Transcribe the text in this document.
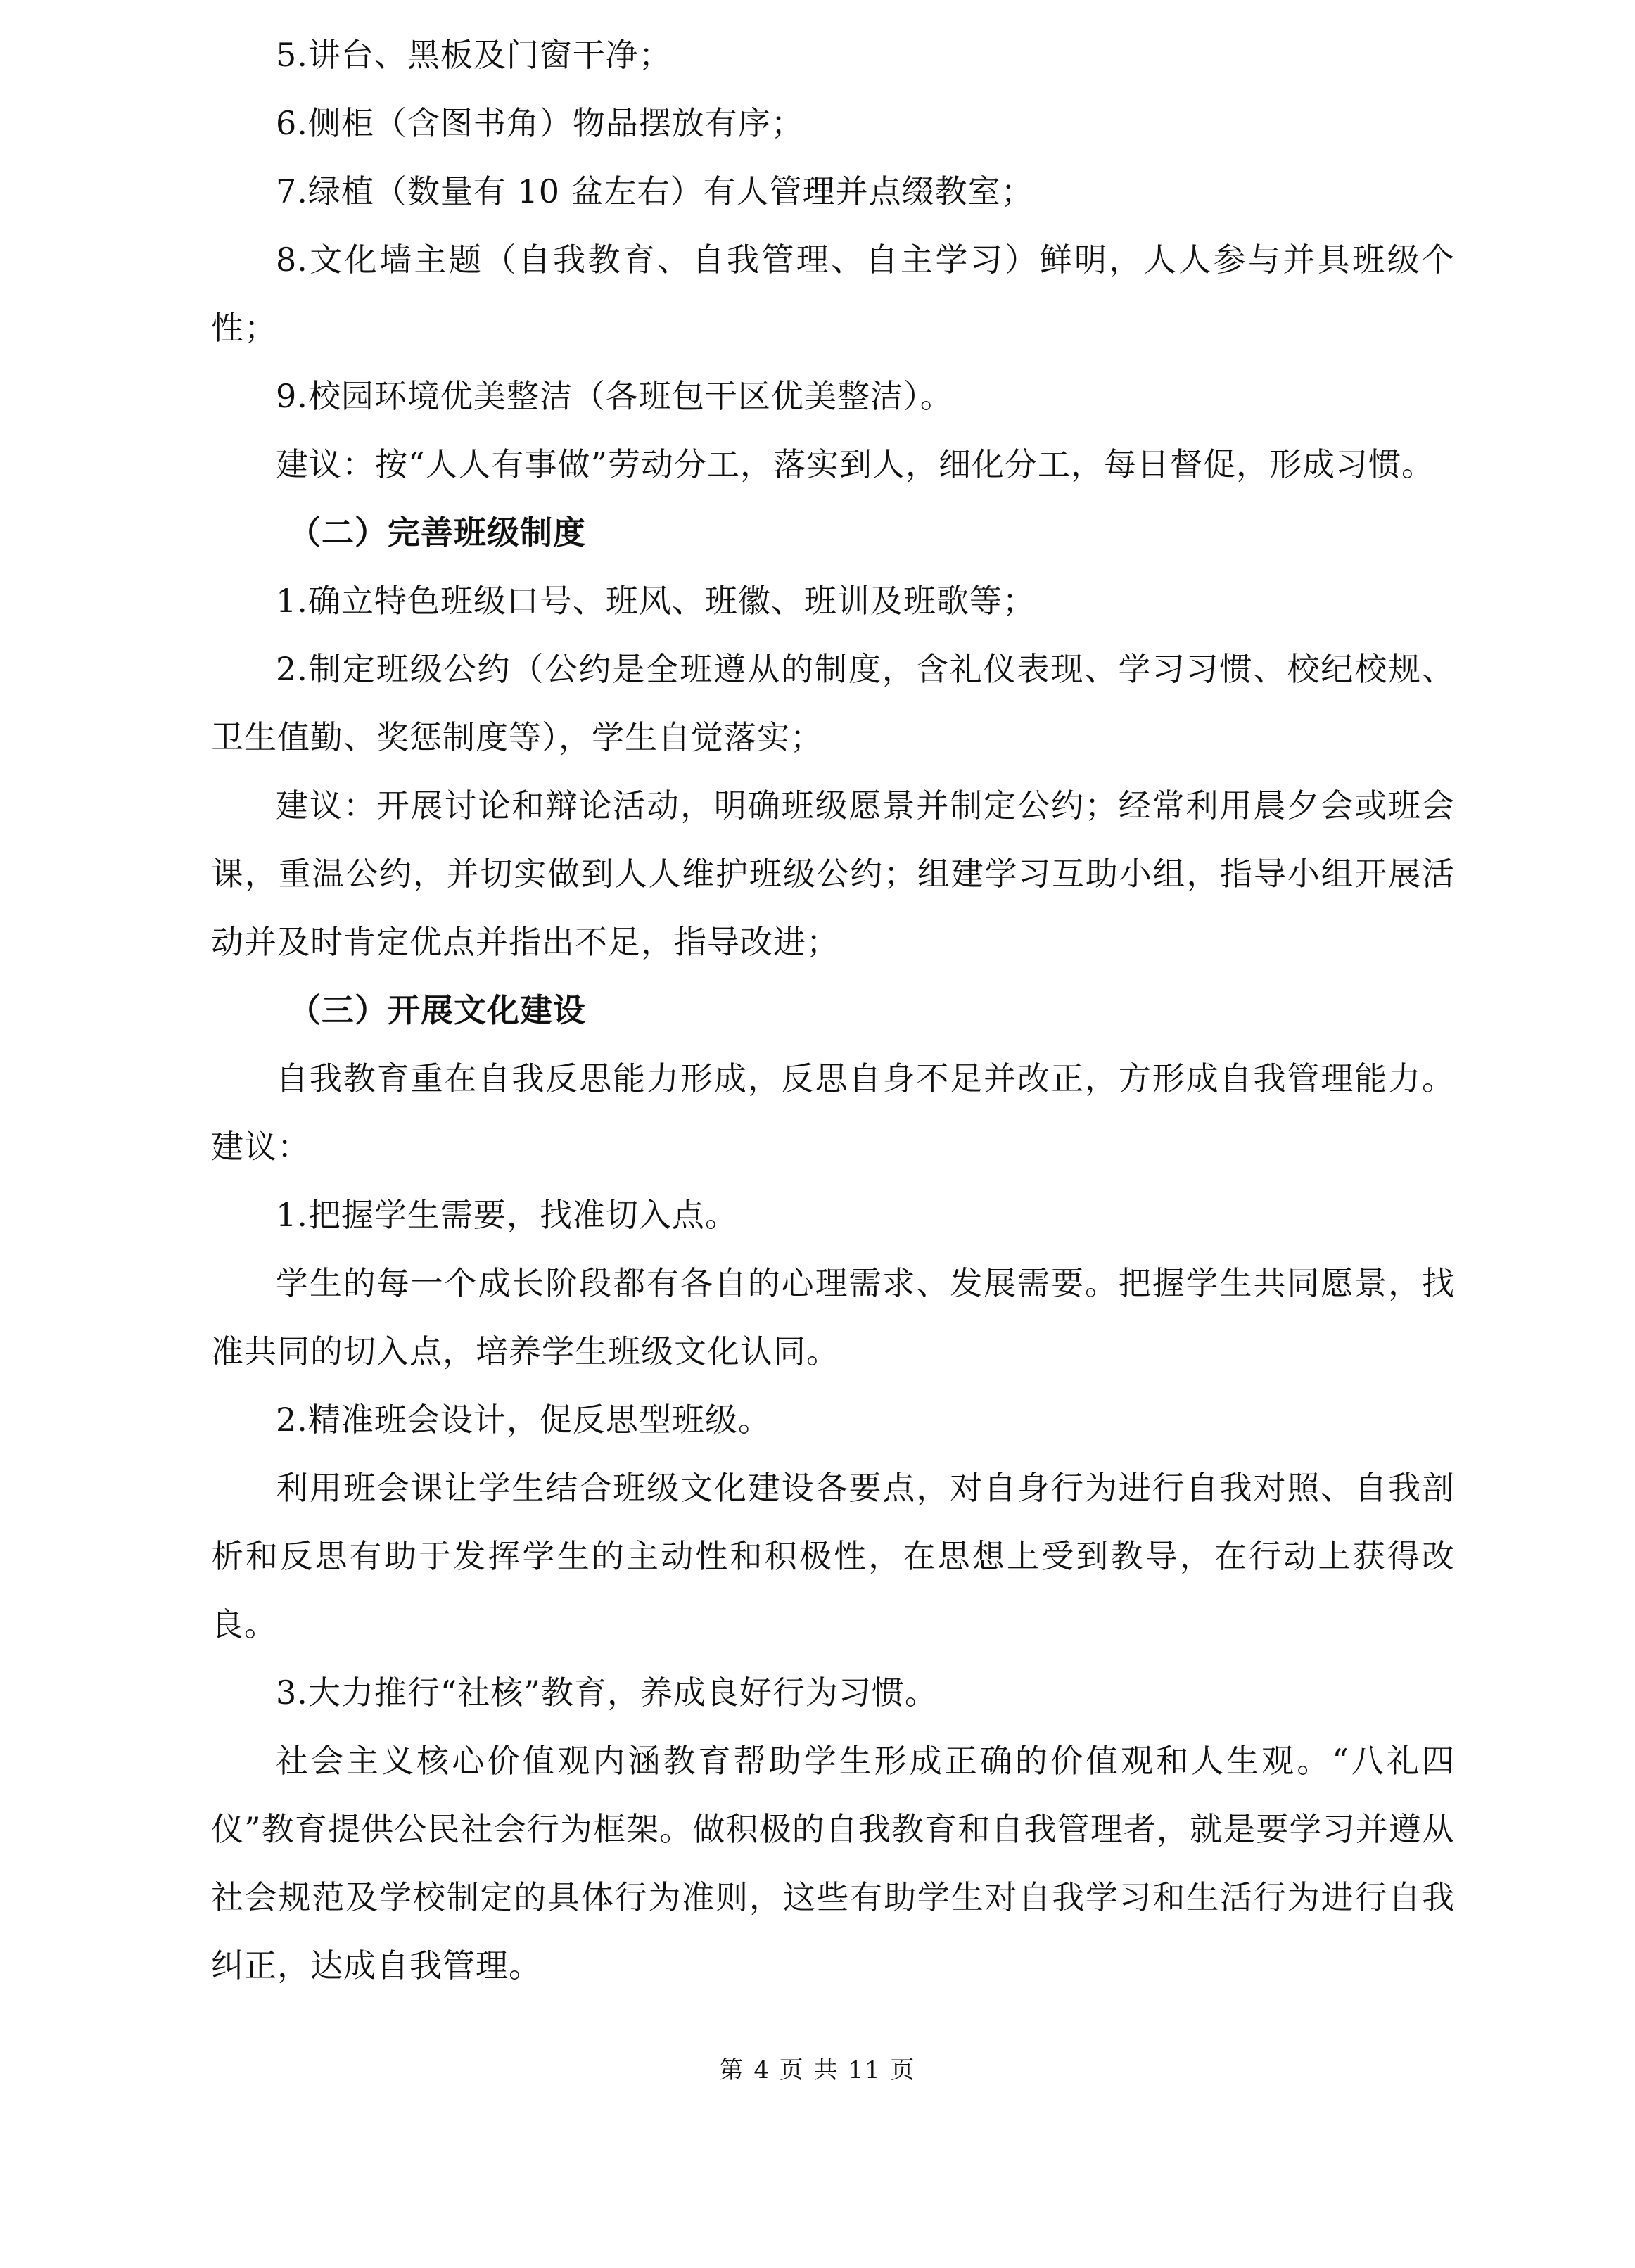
5.讲台、黑板及门窗干净；

6.侧柜（含图书角）物品摆放有序；

7.绿植（数量有 10 盆左右）有人管理并点缀教室；

8.文化墙主题（自我教育、自我管理、自主学习）鲜明，人人参与并具班级个性；

9.校园环境优美整洁（各班包干区优美整洁）。

建议：按“人人有事做”劳动分工，落实到人，细化分工，每日督促，形成习惯。

（二）完善班级制度

1.确立特色班级口号、班风、班徽、班训及班歌等；

2.制定班级公约（公约是全班遵从的制度，含礼仪表现、学习习惯、校纪校规、卫生值勤、奖惩制度等），学生自觉落实；

建议：开展讨论和辩论活动，明确班级愿景并制定公约；经常利用晨夕会或班会课，重温公约，并切实做到人人维护班级公约；组建学习互助小组，指导小组开展活动并及时肯定优点并指出不足，指导改进；

（三）开展文化建设

自我教育重在自我反思能力形成，反思自身不足并改正，方形成自我管理能力。建议：

1.把握学生需要，找准切入点。

学生的每一个成长阶段都有各自的心理需求、发展需要。把握学生共同愿景，找准共同的切入点，培养学生班级文化认同。

2.精准班会设计，促反思型班级。

利用班会课让学生结合班级文化建设各要点，对自身行为进行自我对照、自我剖析和反思有助于发挥学生的主动性和积极性，在思想上受到教导，在行动上获得改良。

3.大力推行“社核”教育，养成良好行为习惯。

社会主义核心价值观内涵教育帮助学生形成正确的价值观和人生观。“八礼四仪”教育提供公民社会行为框架。做积极的自我教育和自我管理者，就是要学习并遵从社会规范及学校制定的具体行为准则，这些有助学生对自我学习和生活行为进行自我纠正，达成自我管理。

第 4 页 共 11 页
